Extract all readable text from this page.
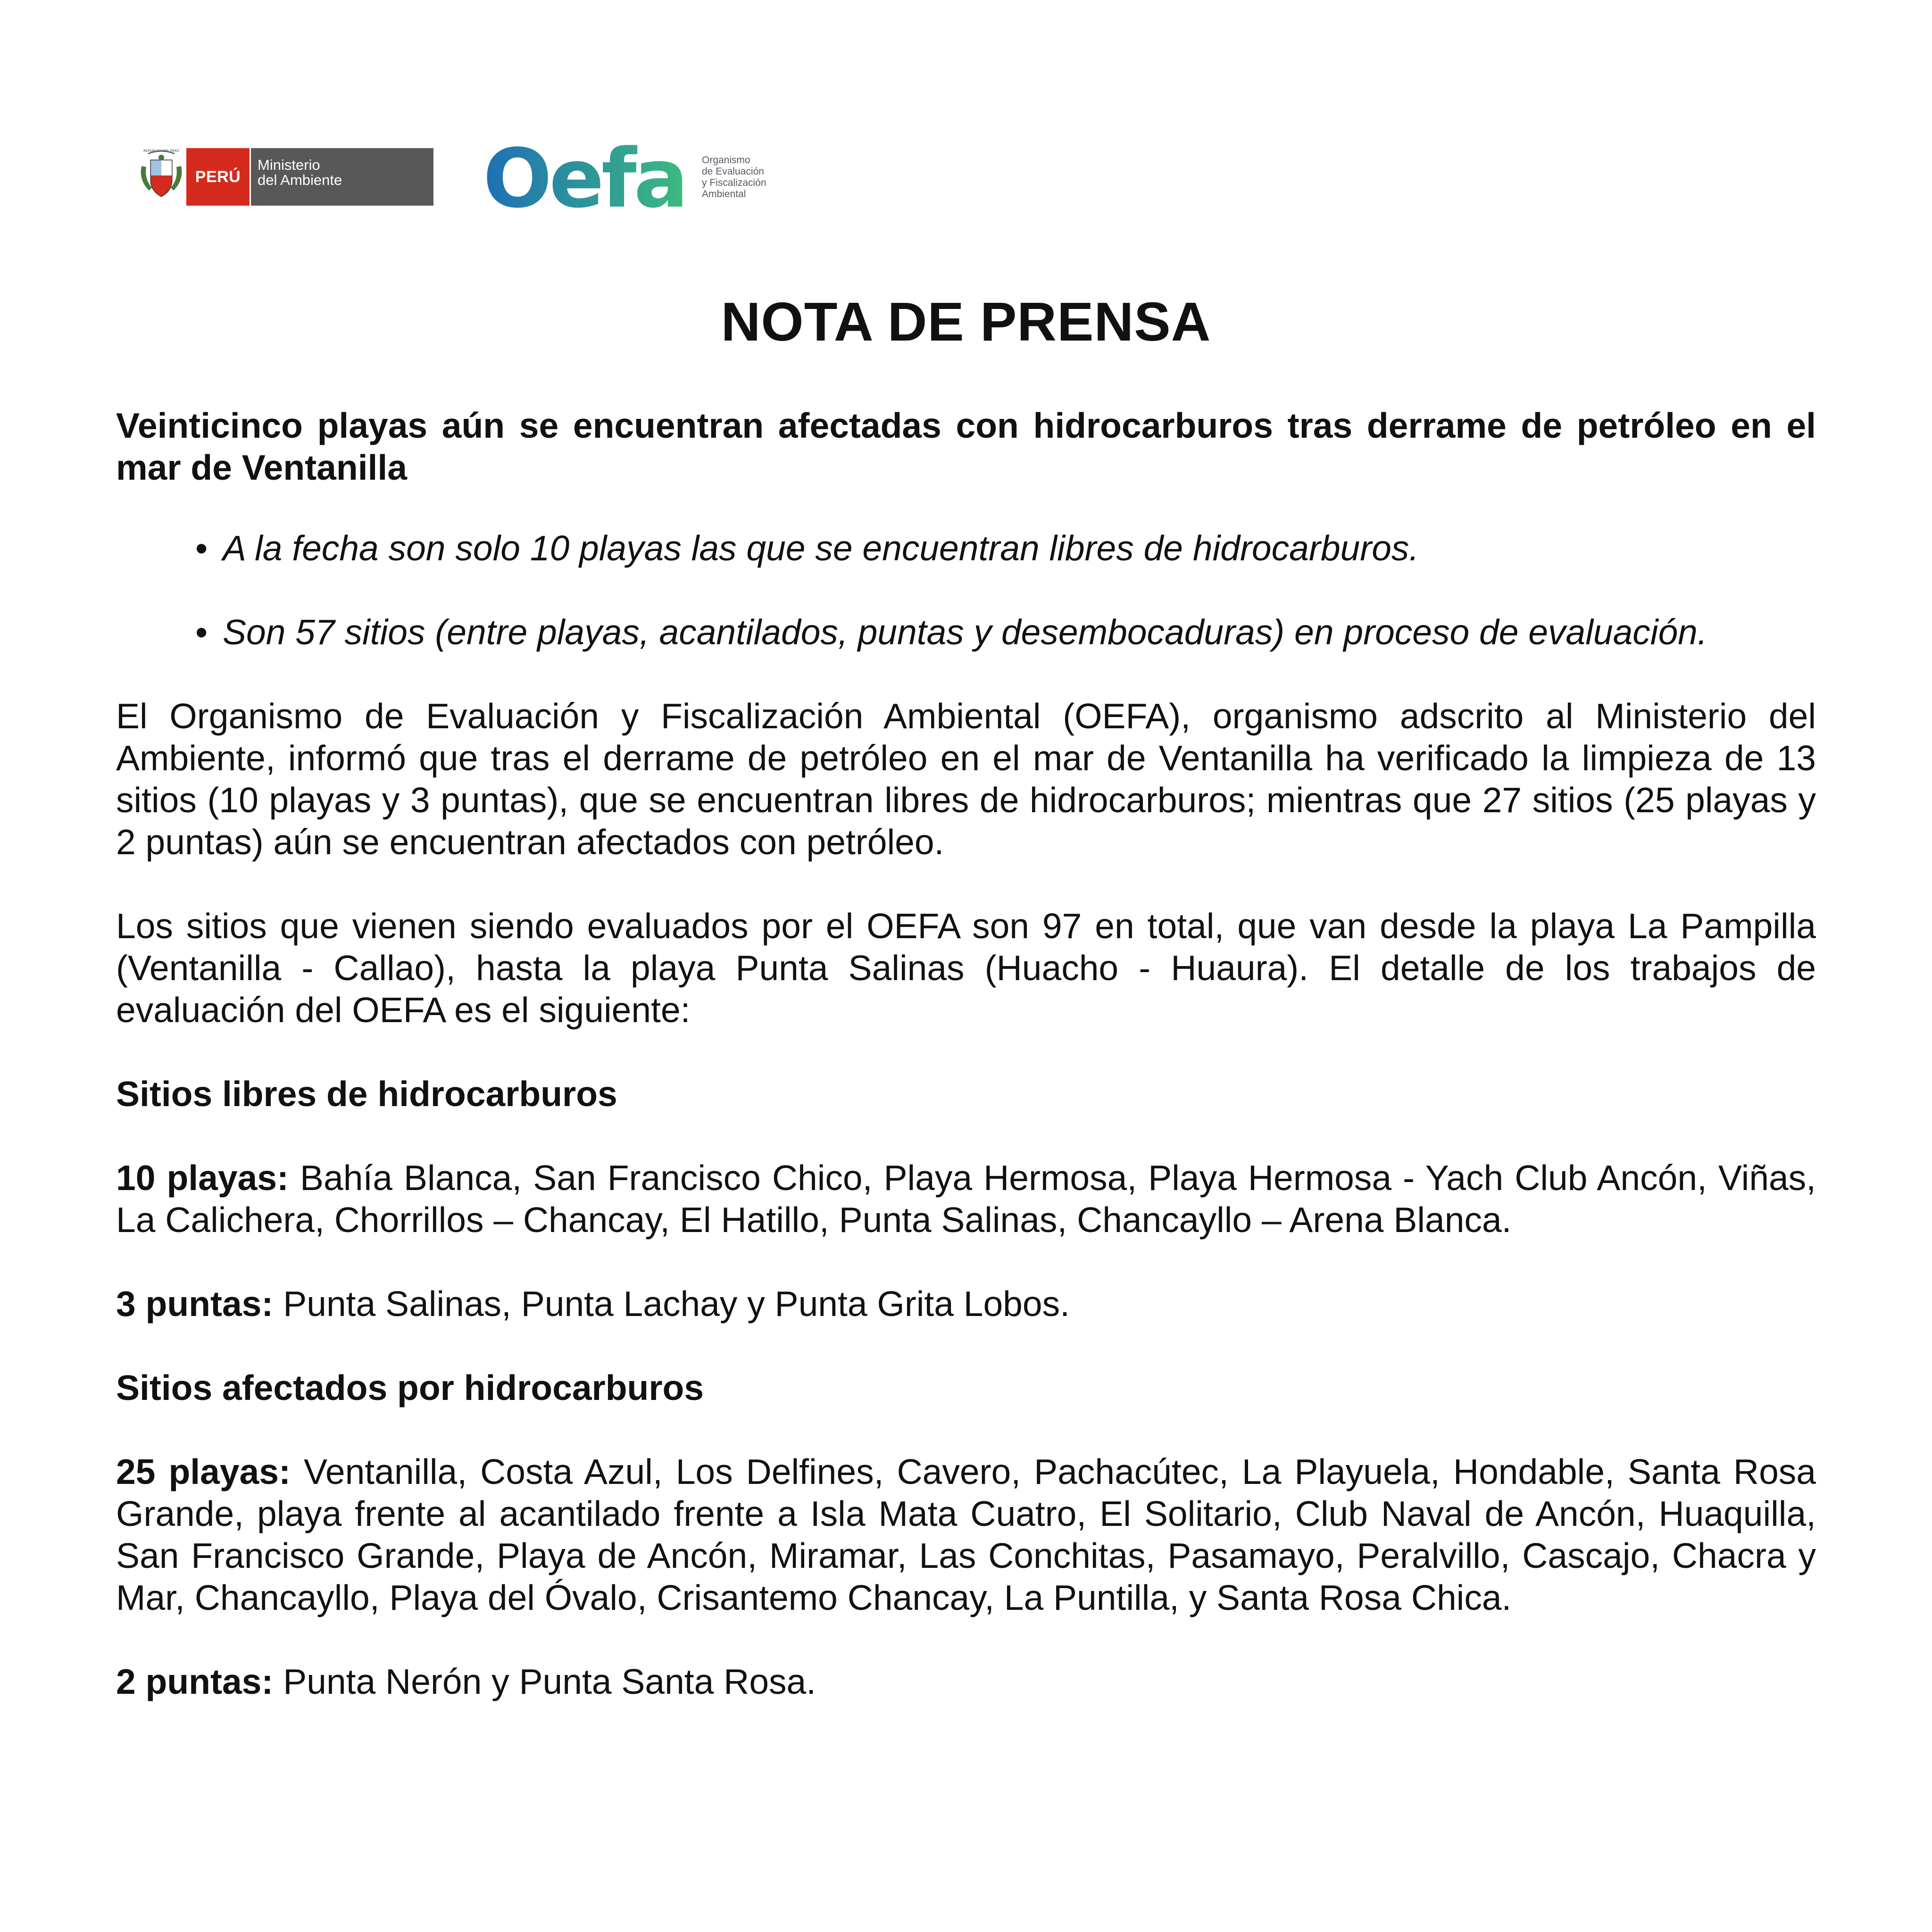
REPÚBLICA DEL PERÚ
PERÚ
Ministerio
del Ambiente	Oefa Organismo
de Evaluación
y Fiscalización
Ambiental
NOTA DE PRENSA

Veinticinco playas aún se encuentran afectadas con hidrocarburos tras derrame de petróleo en el mar de Ventanilla

• A la fecha son solo 10 playas las que se encuentran libres de hidrocarburos.
• Son 57 sitios (entre playas, acantilados, puntas y desembocaduras) en proceso de evaluación.

El Organismo de Evaluación y Fiscalización Ambiental (OEFA), organismo adscrito al Ministerio del Ambiente, informó que tras el derrame de petróleo en el mar de Ventanilla ha verificado la limpieza de 13 sitios (10 playas y 3 puntas), que se encuentran libres de hidrocarburos; mientras que 27 sitios (25 playas y 2 puntas) aún se encuentran afectados con petróleo.

Los sitios que vienen siendo evaluados por el OEFA son 97 en total, que van desde la playa La Pampilla (Ventanilla - Callao), hasta la playa Punta Salinas (Huacho - Huaura). El detalle de los trabajos de evaluación del OEFA es el siguiente:

Sitios libres de hidrocarburos

10 playas: Bahía Blanca, San Francisco Chico, Playa Hermosa, Playa Hermosa - Yach Club Ancón, Viñas, La Calichera, Chorrillos – Chancay, El Hatillo, Punta Salinas, Chancayllo – Arena Blanca.

3 puntas: Punta Salinas, Punta Lachay y Punta Grita Lobos.

Sitios afectados por hidrocarburos

25 playas: Ventanilla, Costa Azul, Los Delfines, Cavero, Pachacútec, La Playuela, Hondable, Santa Rosa Grande, playa frente al acantilado frente a Isla Mata Cuatro, El Solitario, Club Naval de Ancón, Huaquilla, San Francisco Grande, Playa de Ancón, Miramar, Las Conchitas, Pasamayo, Peralvillo, Cascajo, Chacra y Mar, Chancayllo, Playa del Óvalo, Crisantemo Chancay, La Puntilla, y Santa Rosa Chica.

2 puntas: Punta Nerón y Punta Santa Rosa.
